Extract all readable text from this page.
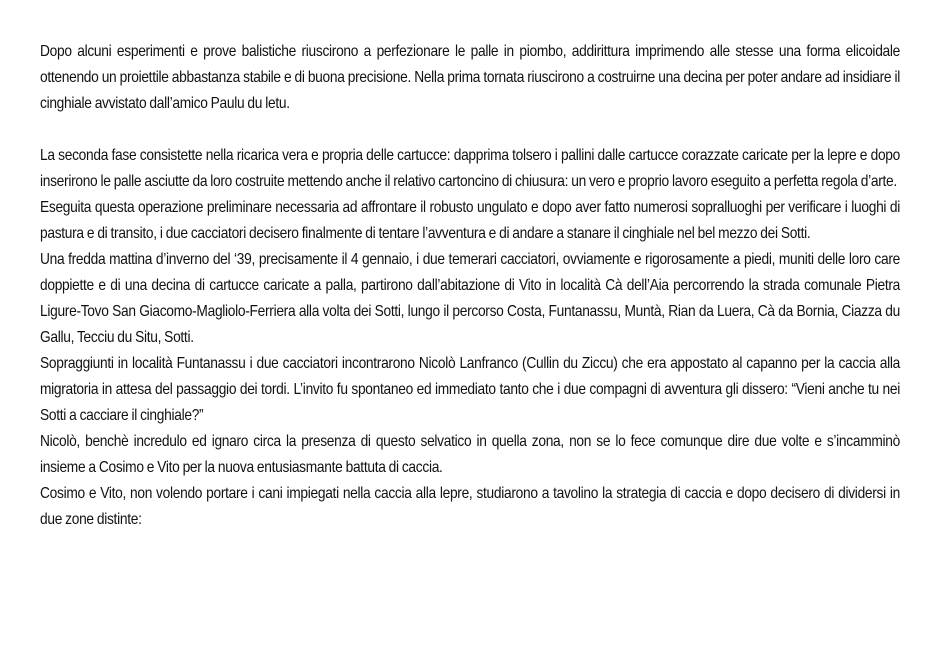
Dopo alcuni esperimenti e prove balistiche riuscirono a perfezionare le palle in piombo, addirittura imprimendo alle stesse una forma elicoidale ottenendo un proiettile abbastanza stabile e di buona precisione. Nella prima tornata riuscirono a costruirne una decina per poter andare ad insidiare il cinghiale avvistato dall’amico Paulu du letu.

La seconda fase consistette nella ricarica vera e propria delle cartucce: dapprima tolsero i pallini dalle cartucce corazzate caricate per la lepre e dopo inserirono le palle asciutte da loro costruite mettendo anche il relativo cartoncino di chiusura: un vero e proprio lavoro eseguito a perfetta regola d’arte.

Eseguita questa operazione preliminare necessaria ad affrontare il robusto ungulato e dopo aver fatto numerosi sopralluoghi per verificare i luoghi di pastura e di transito, i due cacciatori decisero finalmente di tentare l’avventura e di andare a stanare il cinghiale nel bel mezzo dei Sotti.

Una fredda mattina d’inverno del ‘39, precisamente il 4 gennaio, i due temerari cacciatori, ovviamente e rigorosamente a piedi, muniti delle loro care doppiette e di una decina di cartucce caricate a palla, partirono dall’abitazione di Vito in località Cà dell’Aia percorrendo la strada comunale Pietra Ligure-Tovo San Giacomo-Magliolo-Ferriera alla volta dei Sotti, lungo il percorso Costa, Funtanassu, Muntà, Rian da Luera, Cà da Bornia, Ciazza du Gallu, Tecciu du Situ, Sotti.

Sopraggiunti in località Funtanassu i due cacciatori incontrarono Nicolò Lanfranco (Cullin du Ziccu) che era appostato al capanno per la caccia alla migratoria in attesa del passaggio dei tordi. L’invito fu spontaneo ed immediato tanto che i due compagni di avventura gli dissero: “Vieni anche tu nei Sotti a cacciare il cinghiale?”

Nicolò, benchè incredulo ed ignaro circa la presenza di questo selvatico in quella zona, non se lo fece comunque dire due volte e s’incamminò insieme a Cosimo e Vito per la nuova entusiasmante battuta di caccia.

Cosimo e Vito, non volendo portare i cani impiegati nella caccia alla lepre, studiarono a tavolino la strategia di caccia e dopo decisero di dividersi in due zone distinte:
